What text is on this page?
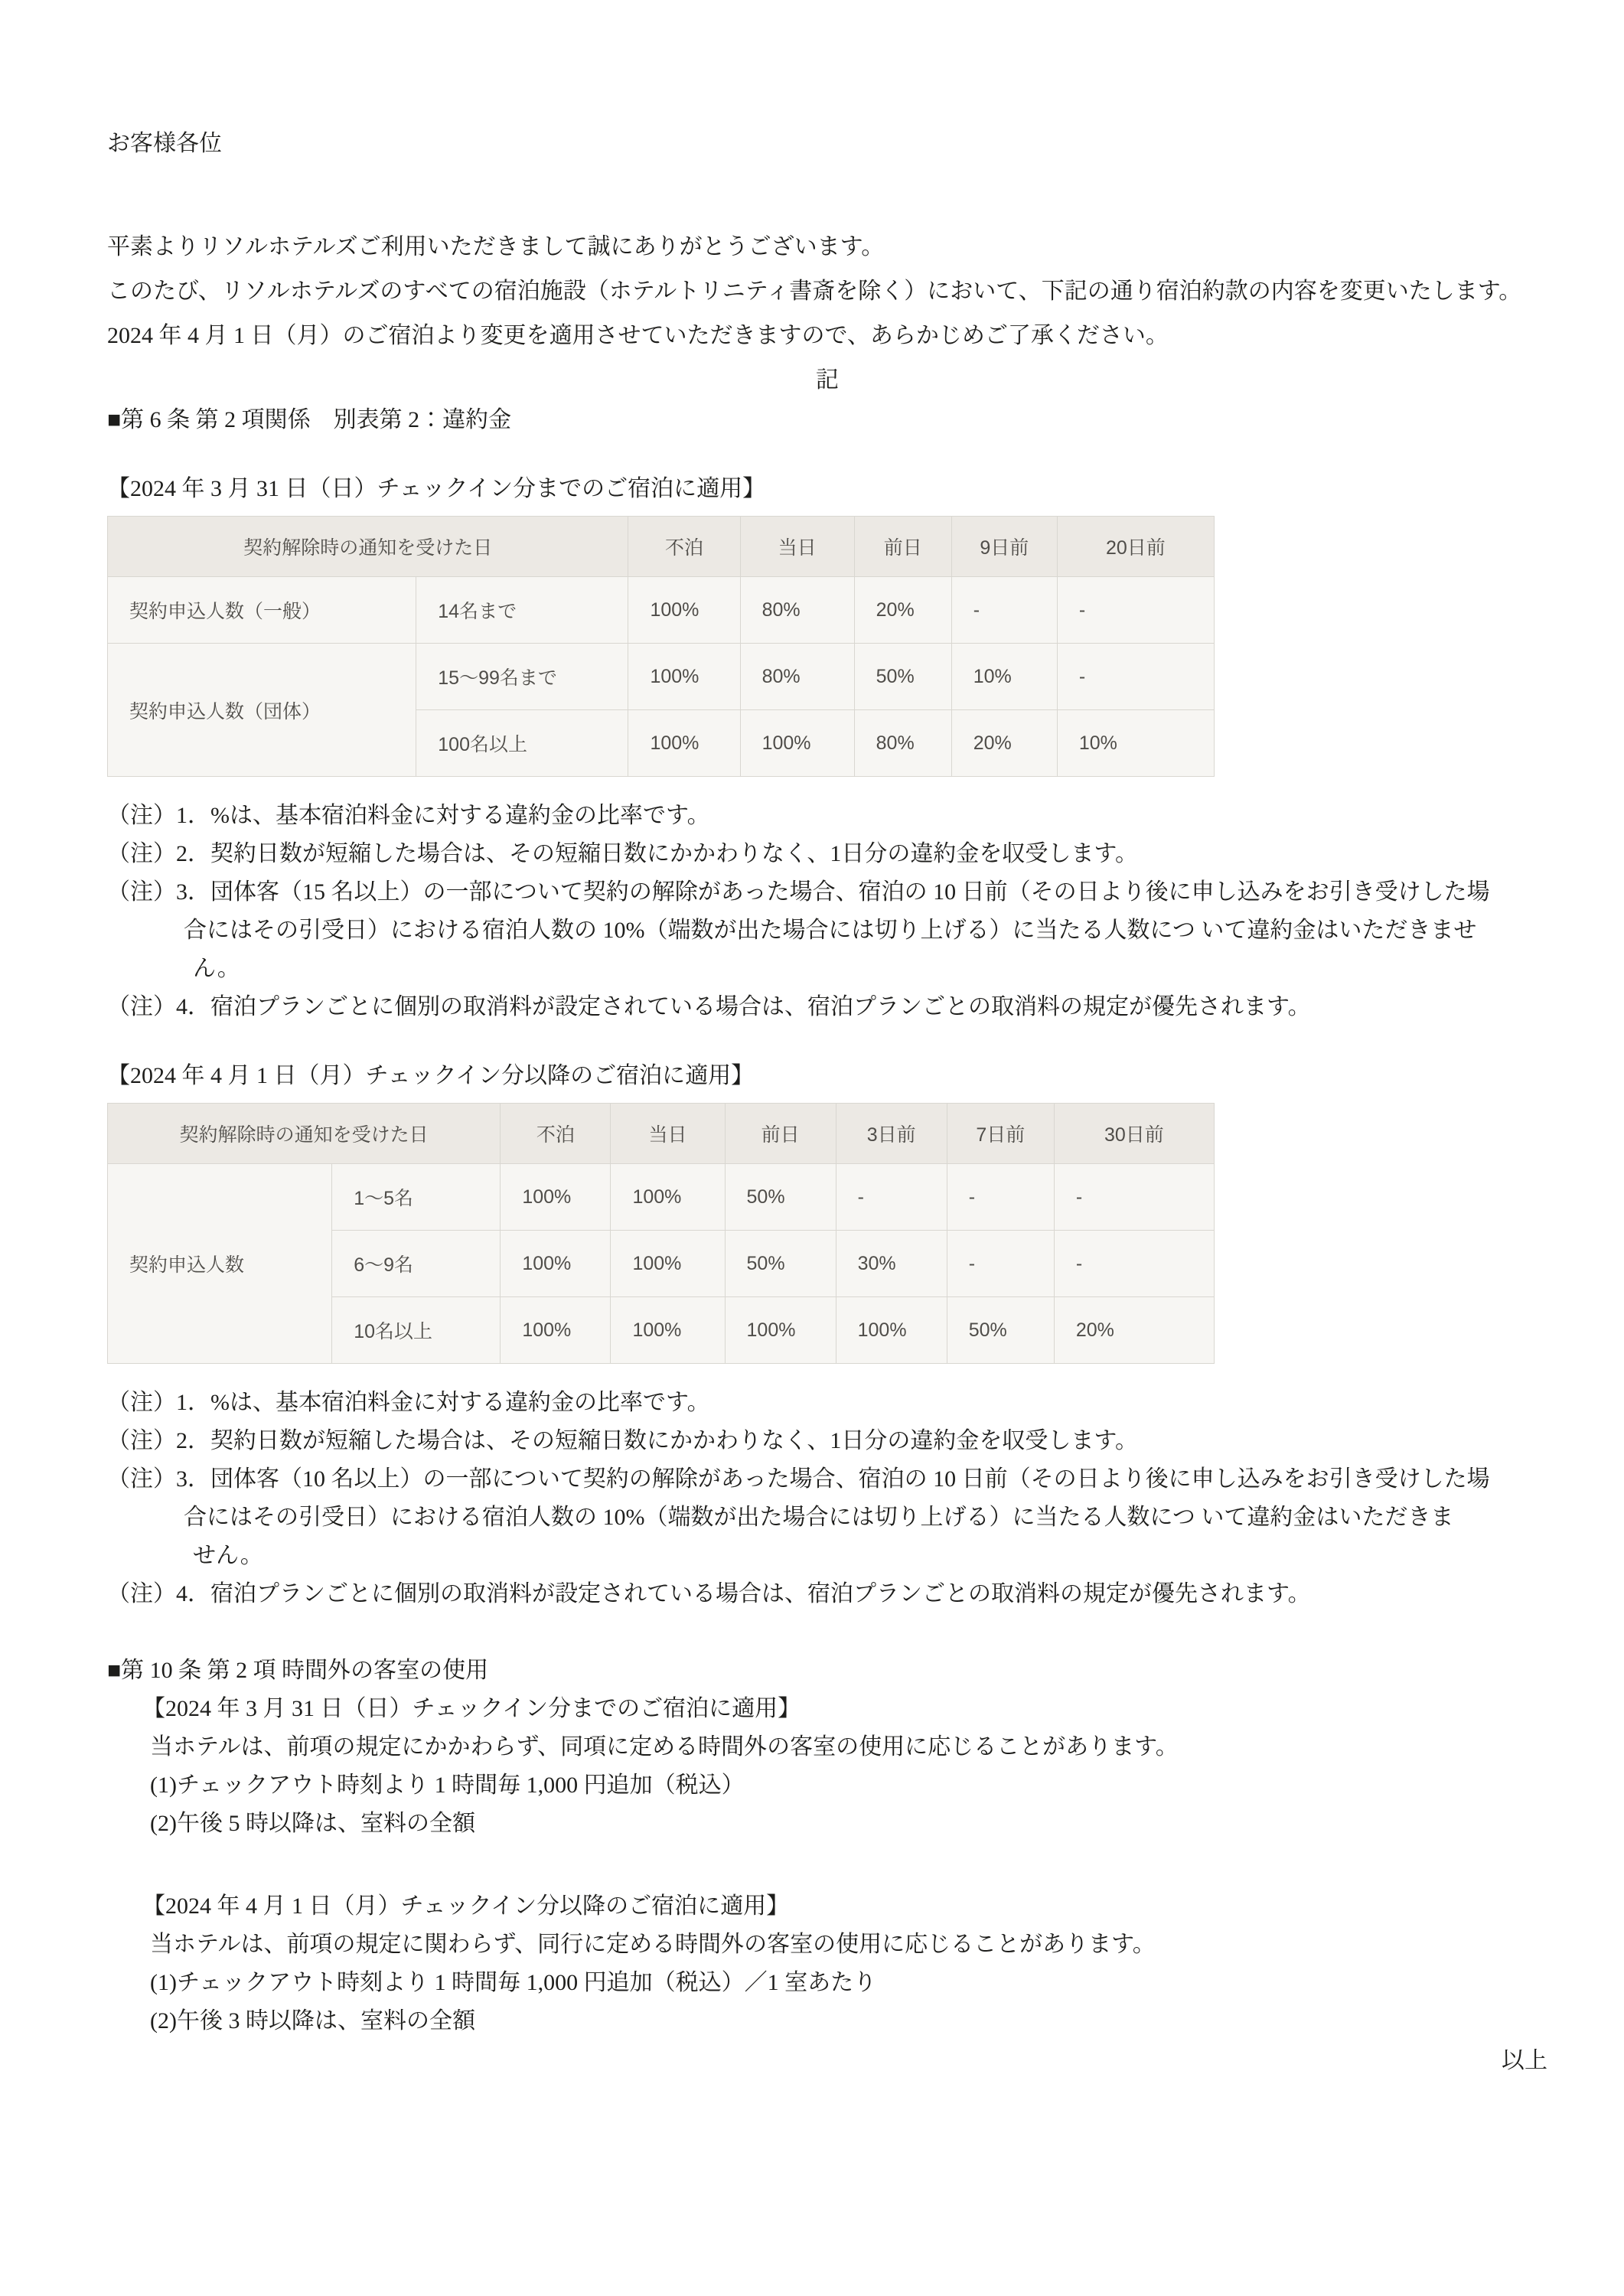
お客様各位
平素よりリソルホテルズご利用いただきまして誠にありがとうございます。
このたび、リソルホテルズのすべての宿泊施設（ホテルトリニティ書斎を除く）において、下記の通り宿泊約款の内容を変更いたします。
2024 年 4 月 1 日（月）のご宿泊より変更を適用させていただきますので、あらかじめご了承ください。
記
■第 6 条 第 2 項関係　別表第 2：違約金
【2024 年 3 月 31 日（日）チェックイン分までのご宿泊に適用】
契約解除時の通知を受けた日		不泊	当日	前日	9日前	20日前
契約申込人数（一般）	14名まで	100%	80%	20%	-	-
契約申込人数（団体）	15～99名まで	100%	80%	50%	10%	-
	100名以上	100%	100%	80%	20%	10%
（注）1．%は、基本宿泊料金に対する違約金の比率です。
（注）2．契約日数が短縮した場合は、その短縮日数にかかわりなく、1日分の違約金を収受します。
（注）3．団体客（15 名以上）の一部について契約の解除があった場合、宿泊の 10 日前（その日より後に申し込みをお引き受けした場
合にはその引受日）における宿泊人数の 10%（端数が出た場合には切り上げる）に当たる人数につ いて違約金はいただきませ
ん。
（注）4．宿泊プランごとに個別の取消料が設定されている場合は、宿泊プランごとの取消料の規定が優先されます。
【2024 年 4 月 1 日（月）チェックイン分以降のご宿泊に適用】
契約解除時の通知を受けた日		不泊	当日	前日	3日前	7日前	30日前
契約申込人数	1～5名	100%	100%	50%	-	-	-
	6～9名	100%	100%	50%	30%	-	-
	10名以上	100%	100%	100%	100%	50%	20%
（注）1．%は、基本宿泊料金に対する違約金の比率です。
（注）2．契約日数が短縮した場合は、その短縮日数にかかわりなく、1日分の違約金を収受します。
（注）3．団体客（10 名以上）の一部について契約の解除があった場合、宿泊の 10 日前（その日より後に申し込みをお引き受けした場
合にはその引受日）における宿泊人数の 10%（端数が出た場合には切り上げる）に当たる人数につ いて違約金はいただきま
せん。
（注）4．宿泊プランごとに個別の取消料が設定されている場合は、宿泊プランごとの取消料の規定が優先されます。
■第 10 条 第 2 項 時間外の客室の使用
【2024 年 3 月 31 日（日）チェックイン分までのご宿泊に適用】
当ホテルは、前項の規定にかかわらず、同項に定める時間外の客室の使用に応じることがあります。
(1)チェックアウト時刻より 1 時間毎 1,000 円追加（税込）
(2)午後 5 時以降は、室料の全額
【2024 年 4 月 1 日（月）チェックイン分以降のご宿泊に適用】
当ホテルは、前項の規定に関わらず、同行に定める時間外の客室の使用に応じることがあります。
(1)チェックアウト時刻より 1 時間毎 1,000 円追加（税込）／1 室あたり
(2)午後 3 時以降は、室料の全額
以上
